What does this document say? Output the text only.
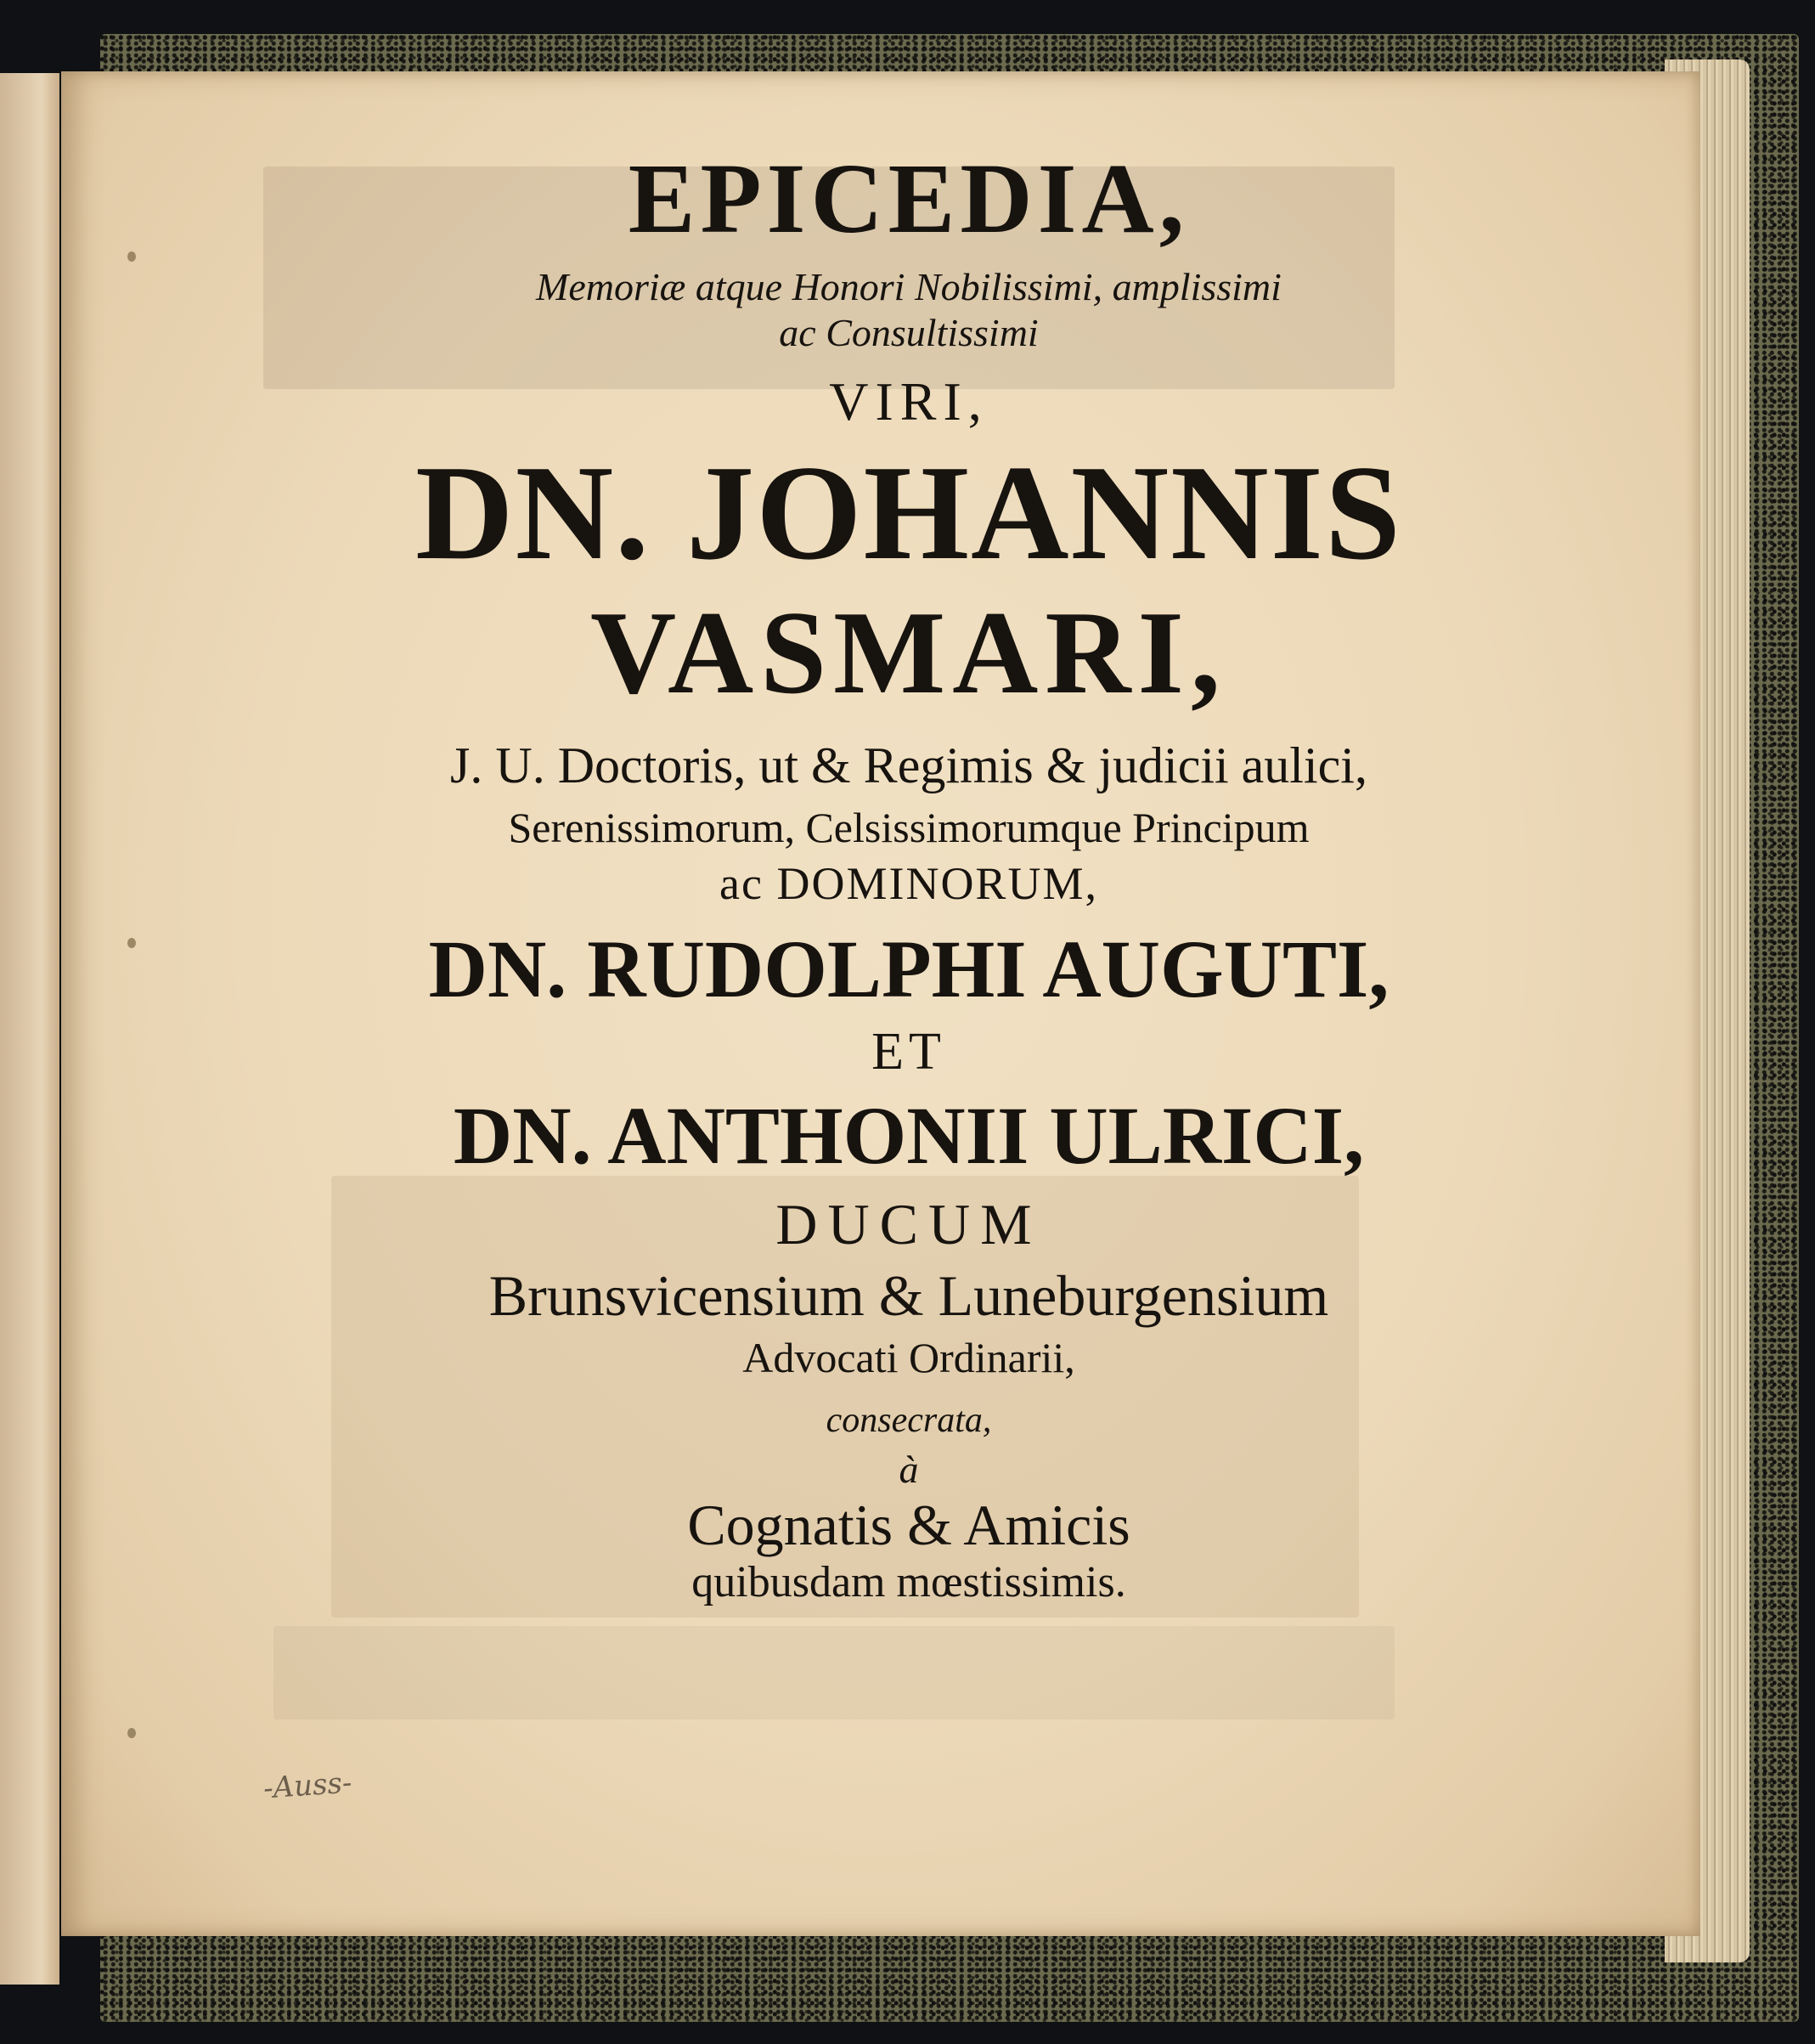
EPICEDIA,
Memoriæ atque Honori Nobilissimi, amplissimi
ac Consultissimi
VIRI,
DN. JOHANNIS
VASMARI,
J. U. Doctoris, ut & Regimis & judicii aulici,
Serenissimorum, Celsissimorumque Principum
ac DOMINORUM,
DN. RUDOLPHI AUGUTI,
ET
DN. ANTHONII ULRICI,
DUCUM
Brunsvicensium & Luneburgensium
Advocati Ordinarii,
consecrata,
à
Cognatis & Amicis
quibusdam mœstissimis.
-Auss-
